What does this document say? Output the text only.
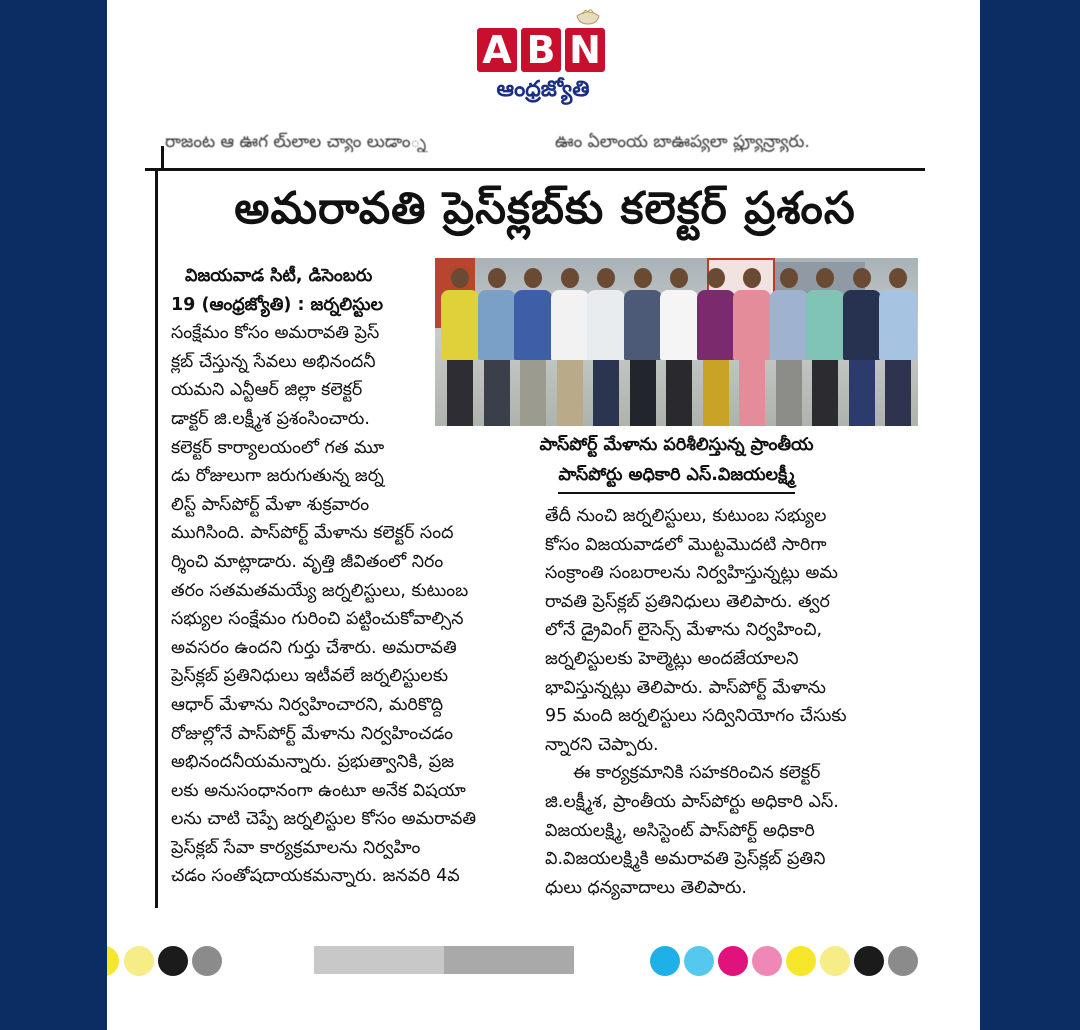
A B N
ఆంధ్రజ్యోతి
రాజంట ఆ ఊగ లు్లాల చ్యాం లుడాం్న	ఊం ఏలాంయ బాఊప్యలా ప్ల్యూన్ర్యారు.
అమరావతి ప్రెస్‌క్లబ్‌కు కలెక్టర్‌ ప్రశంస
విజయవాడ సిటీ, డిసెంబరు
19 (ఆంధ్రజ్యోతి) : జర్నలిస్టుల
సంక్షేమం కోసం అమరావతి ప్రెస్‌
క్లబ్‌ చేస్తున్న సేవలు అభినందనీ
యమని ఎన్టీఆర్‌ జిల్లా కలెక్టర్‌
డాక్టర్‌ జి.లక్ష్మీశ ప్రశంసించారు.
కలెక్టర్‌ కార్యాలయంలో గత మూ
డు రోజులుగా జరుగుతున్న జర్న
లిస్ట్‌ పాస్‌పోర్ట్‌ మేళా శుక్రవారం
ముగిసింది. పాస్‌పోర్ట్‌ మేళాను కలెక్టర్‌ సంద
ర్శించి మాట్లాడారు. వృత్తి జీవితంలో నిరం
తరం సతమతమయ్యే జర్నలిస్టులు, కుటుంబ
సభ్యుల సంక్షేమం గురించి పట్టించుకోవాల్సిన
అవసరం ఉందని గుర్తు చేశారు. అమరావతి
ప్రెస్‌క్లబ్‌ ప్రతినిధులు ఇటీవలే జర్నలిస్టులకు
ఆధార్‌ మేళాను నిర్వహించారని, మరికొద్ది
రోజుల్లోనే పాస్‌పోర్ట్‌ మేళాను నిర్వహించడం
అభినందనీయమన్నారు. ప్రభుత్వానికి, ప్రజ
లకు అనుసంధానంగా ఉంటూ అనేక విషయా
లను చాటి చెప్పే జర్నలిస్టుల కోసం అమరావతి
ప్రెస్‌క్లబ్‌ సేవా కార్యక్రమాలను నిర్వహిం
చడం సంతోషదాయకమన్నారు. జనవరి 4వ
పాస్‌పోర్ట్‌ మేళాను పరిశీలిస్తున్న ప్రాంతీయ
పాస్‌పోర్టు అధికారి ఎస్‌.విజయలక్ష్మీ
తేదీ నుంచి జర్నలిస్టులు, కుటుంబ సభ్యుల
కోసం విజయవాడలో మొట్టమొదటి సారిగా
సంక్రాంతి సంబరాలను నిర్వహిస్తున్నట్లు అమ
రావతి ప్రెస్‌క్లబ్‌ ప్రతినిధులు తెలిపారు. త్వర
లోనే డ్రైవింగ్‌ లైసెన్స్‌ మేళాను నిర్వహించి,
జర్నలిస్టులకు హెల్మెట్లు అందజేయాలని
భావిస్తున్నట్లు తెలిపారు. పాస్‌పోర్ట్‌ మేళాను
95 మంది జర్నలిస్టులు సద్వినియోగం చేసుకు
న్నారని చెప్పారు.
ఈ కార్యక్రమానికి సహకరించిన కలెక్టర్‌
జి.లక్ష్మీశ, ప్రాంతీయ పాస్‌పోర్టు అధికారి ఎస్‌.
విజయలక్ష్మి, అసిస్టెంట్‌ పాస్‌పోర్ట్‌ అధికారి
వి.విజయలక్ష్మికి అమరావతి ప్రెస్‌క్లబ్‌ ప్రతిని
ధులు ధన్యవాదాలు తెలిపారు.
